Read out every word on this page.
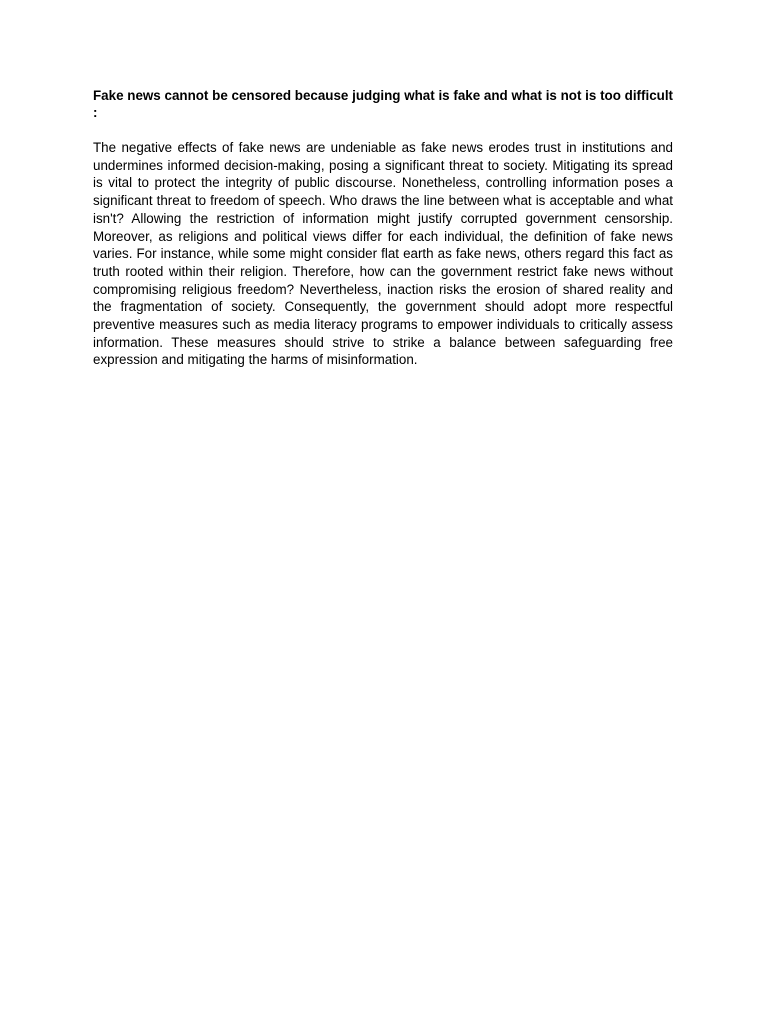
Fake news cannot be censored because judging what is fake and what is not is too difficult :

The negative effects of fake news are undeniable as fake news erodes trust in institutions and undermines informed decision-making, posing a significant threat to society. Mitigating its spread is vital to protect the integrity of public discourse. Nonetheless, controlling information poses a significant threat to freedom of speech. Who draws the line between what is acceptable and what isn't? Allowing the restriction of information might justify corrupted government censorship. Moreover, as religions and political views differ for each individual, the definition of fake news varies. For instance, while some might consider flat earth as fake news, others regard this fact as truth rooted within their religion. Therefore, how can the government restrict fake news without compromising religious freedom? Nevertheless, inaction risks the erosion of shared reality and the fragmentation of society. Consequently, the government should adopt more respectful preventive measures such as media literacy programs to empower individuals to critically assess information. These measures should strive to strike a balance between safeguarding free expression and mitigating the harms of misinformation.
